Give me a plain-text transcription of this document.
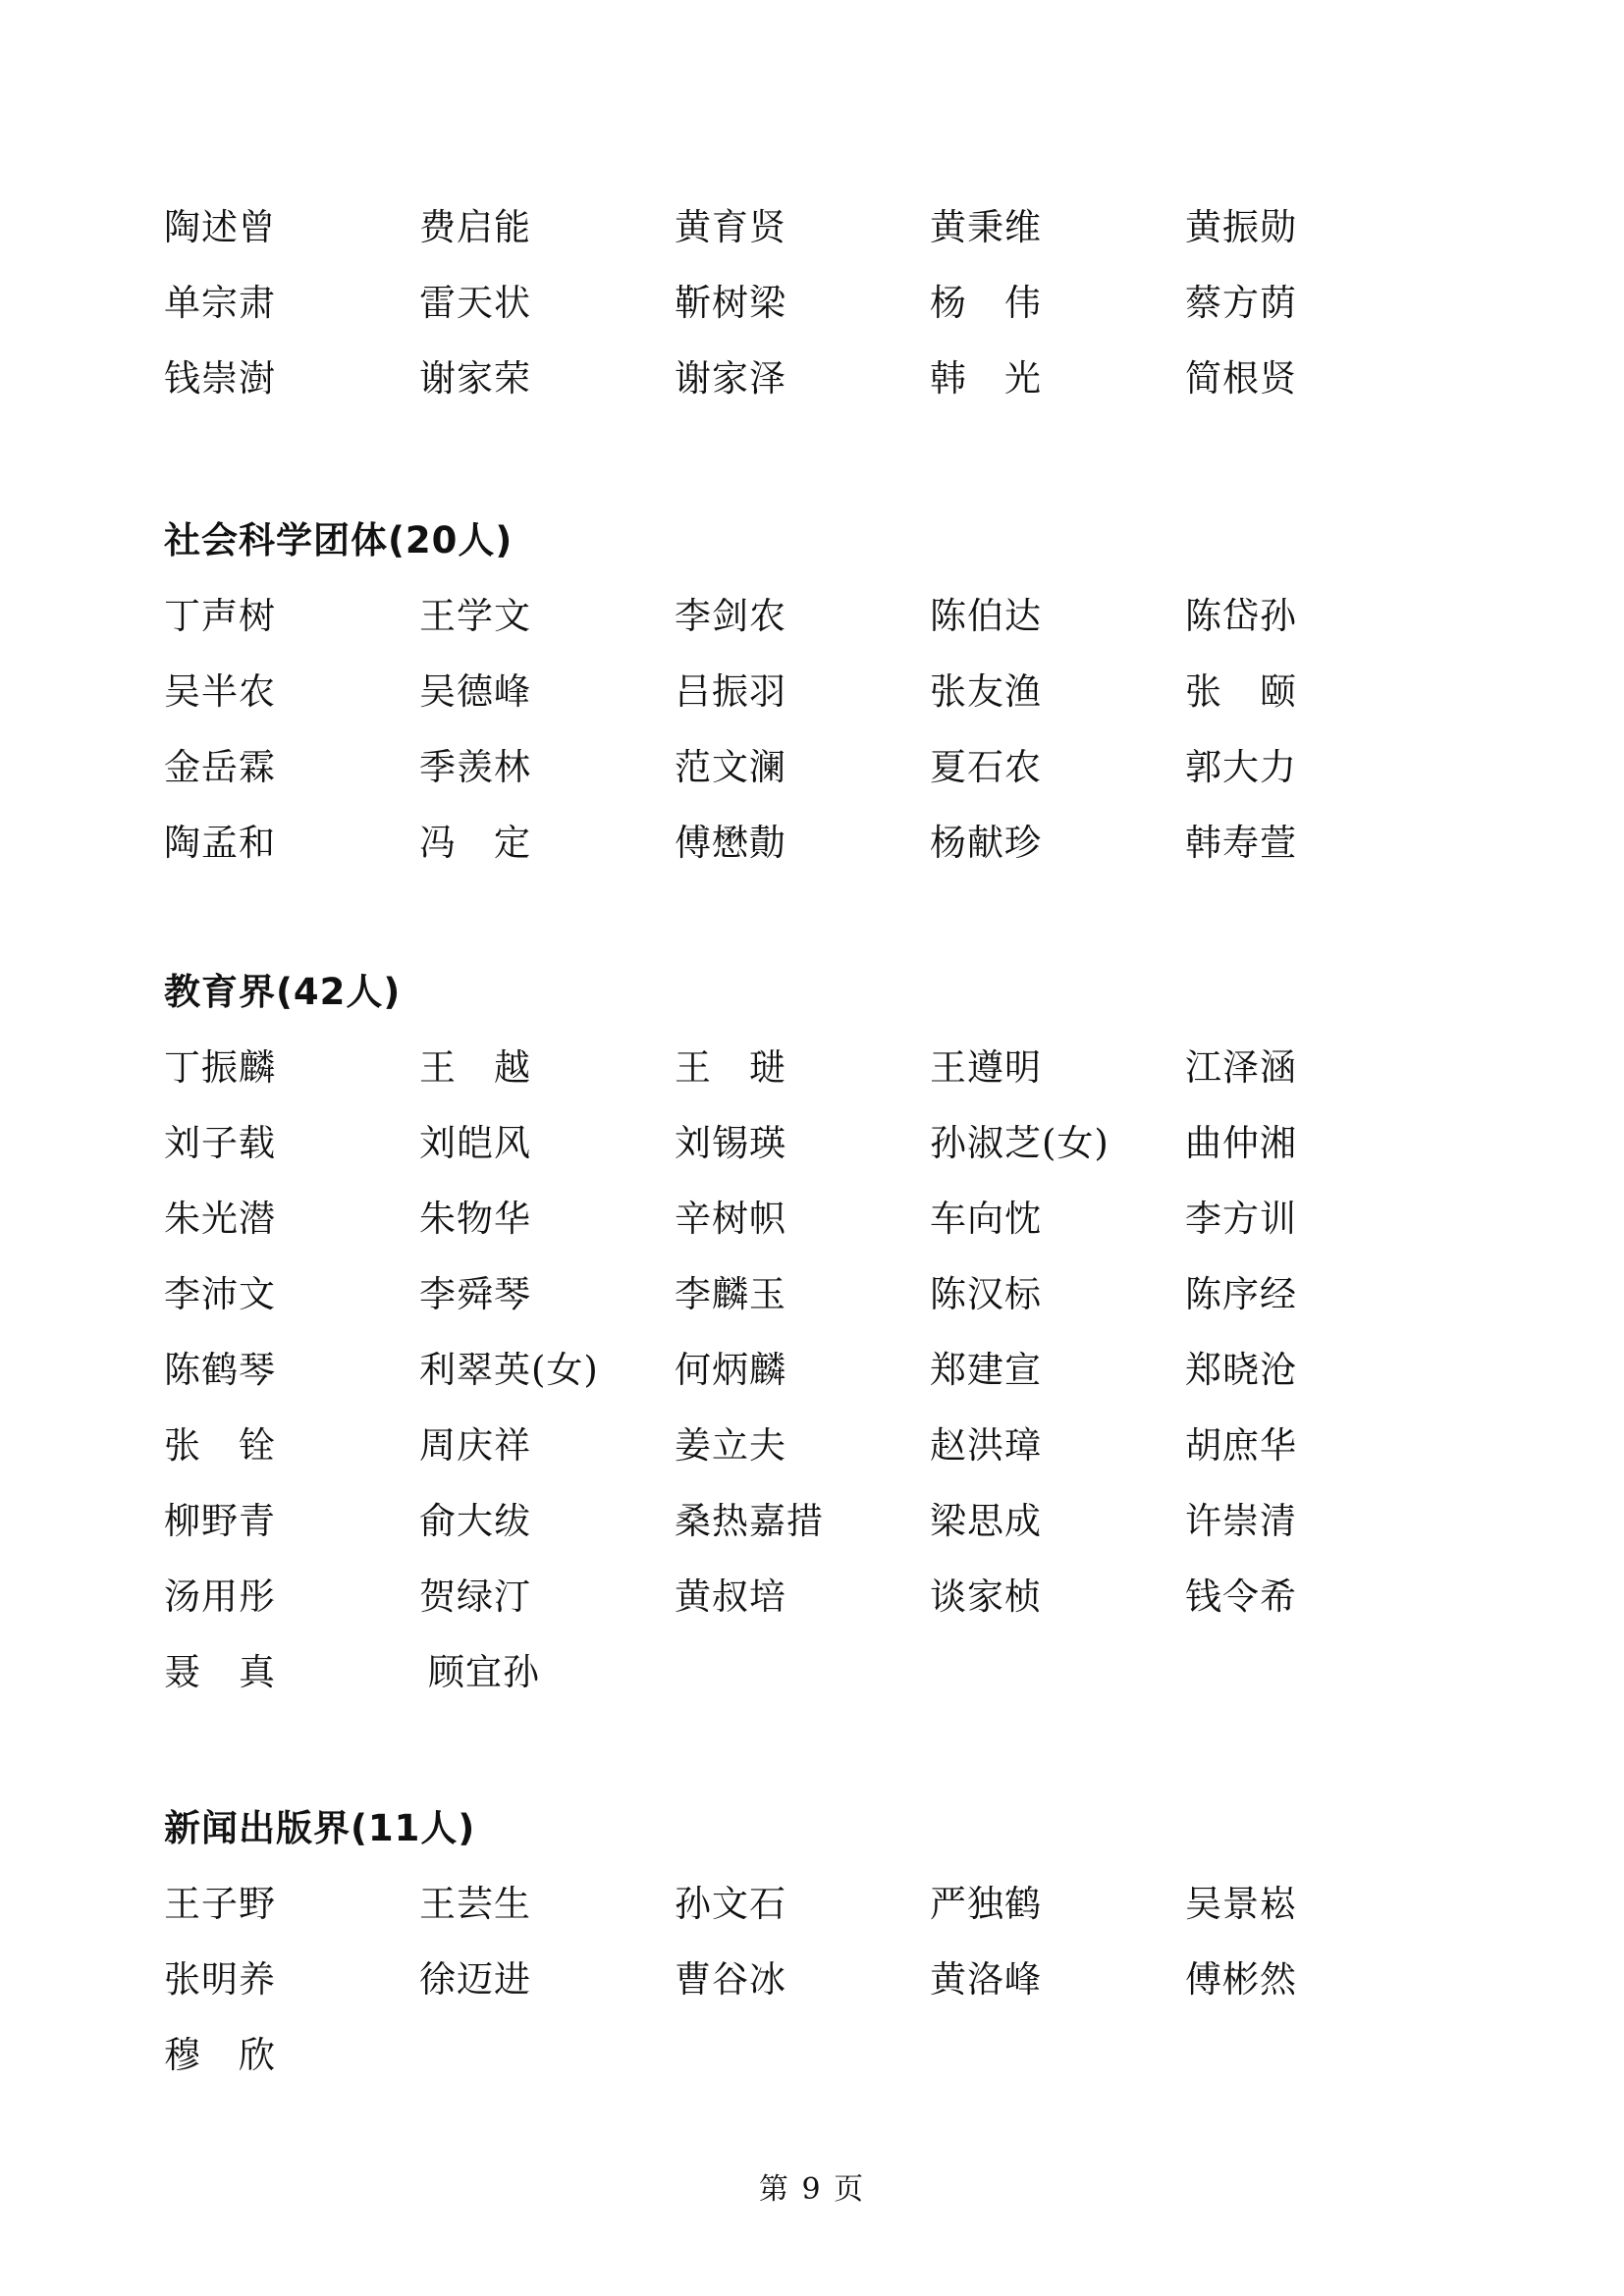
陶述曾	费启能	黄育贤	黄秉维	黄振勋
单宗肃	雷天状	靳树梁	杨　伟	蔡方荫
钱崇澍	谢家荣	谢家泽	韩　光	简根贤
社会科学团体(20人)
丁声树	王学文	李剑农	陈伯达	陈岱孙
吴半农	吴德峰	吕振羽	张友渔	张　颐
金岳霖	季羡林	范文澜	夏石农	郭大力
陶孟和	冯　定	傅懋勣	杨献珍	韩寿萱
教育界(42人)
丁振麟	王　越	王　琎	王遵明	江泽涵
刘子载	刘皑风	刘锡瑛	孙淑芝(女)	曲仲湘
朱光潜	朱物华	辛树帜	车向忱	李方训
李沛文	李舜琴	李麟玉	陈汉标	陈序经
陈鹤琴	利翠英(女)	何炳麟	郑建宣	郑晓沧
张　铨	周庆祥	姜立夫	赵洪璋	胡庶华
柳野青	俞大绂	桑热嘉措	梁思成	许崇清
汤用彤	贺绿汀	黄叔培	谈家桢	钱令希
聂　真	顾宜孙
新闻出版界(11人)
王子野	王芸生	孙文石	严独鹤	吴景崧
张明养	徐迈进	曹谷冰	黄洛峰	傅彬然
穆　欣
第 9 页
